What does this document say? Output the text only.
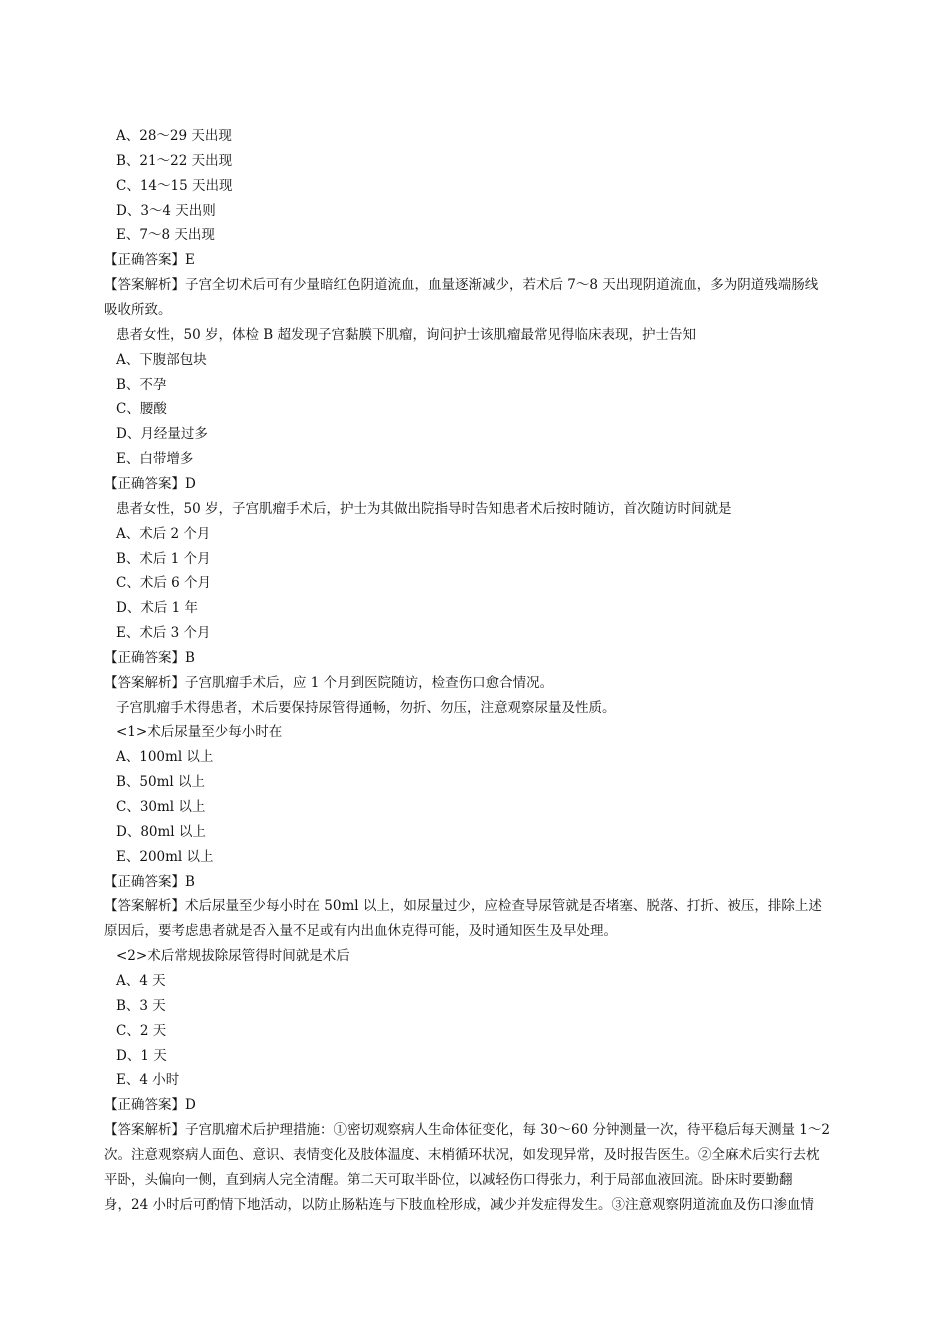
A、28～29 天出现
B、21～22 天出现
C、14～15 天出现
D、3～4 天出则
E、7～8 天出现
【正确答案】E
【答案解析】子宫全切术后可有少量暗红色阴道流血，血量逐渐减少，若术后 7～8 天出现阴道流血，多为阴道残端肠线
吸收所致。
患者女性，50 岁，体检 B 超发现子宫黏膜下肌瘤，询问护士该肌瘤最常见得临床表现，护士告知
A、下腹部包块
B、不孕
C、腰酸
D、月经量过多
E、白带增多
【正确答案】D
患者女性，50 岁，子宫肌瘤手术后，护士为其做出院指导时告知患者术后按时随访，首次随访时间就是
A、术后 2 个月
B、术后 1 个月
C、术后 6 个月
D、术后 1 年
E、术后 3 个月
【正确答案】B
【答案解析】子宫肌瘤手术后，应 1 个月到医院随访，检查伤口愈合情况。
子宫肌瘤手术得患者，术后要保持尿管得通畅，勿折、勿压，注意观察尿量及性质。
<1>术后尿量至少每小时在
A、100ml 以上
B、50ml 以上
C、30ml 以上
D、80ml 以上
E、200ml 以上
【正确答案】B
【答案解析】术后尿量至少每小时在 50ml 以上，如尿量过少，应检查导尿管就是否堵塞、脱落、打折、被压，排除上述
原因后，要考虑患者就是否入量不足或有内出血休克得可能，及时通知医生及早处理。
<2>术后常规拔除尿管得时间就是术后
A、4 天
B、3 天
C、2 天
D、1 天
E、4 小时
【正确答案】D
【答案解析】子宫肌瘤术后护理措施：①密切观察病人生命体征变化，每 30～60 分钟测量一次，待平稳后每天测量 1～2
次。注意观察病人面色、意识、表情变化及肢体温度、末梢循环状况，如发现异常，及时报告医生。②全麻术后实行去枕
平卧，头偏向一侧，直到病人完全清醒。第二天可取半卧位，以减轻伤口得张力，利于局部血液回流。卧床时要勤翻
身，24 小时后可酌情下地活动，以防止肠粘连与下肢血栓形成，减少并发症得发生。③注意观察阴道流血及伤口渗血情
